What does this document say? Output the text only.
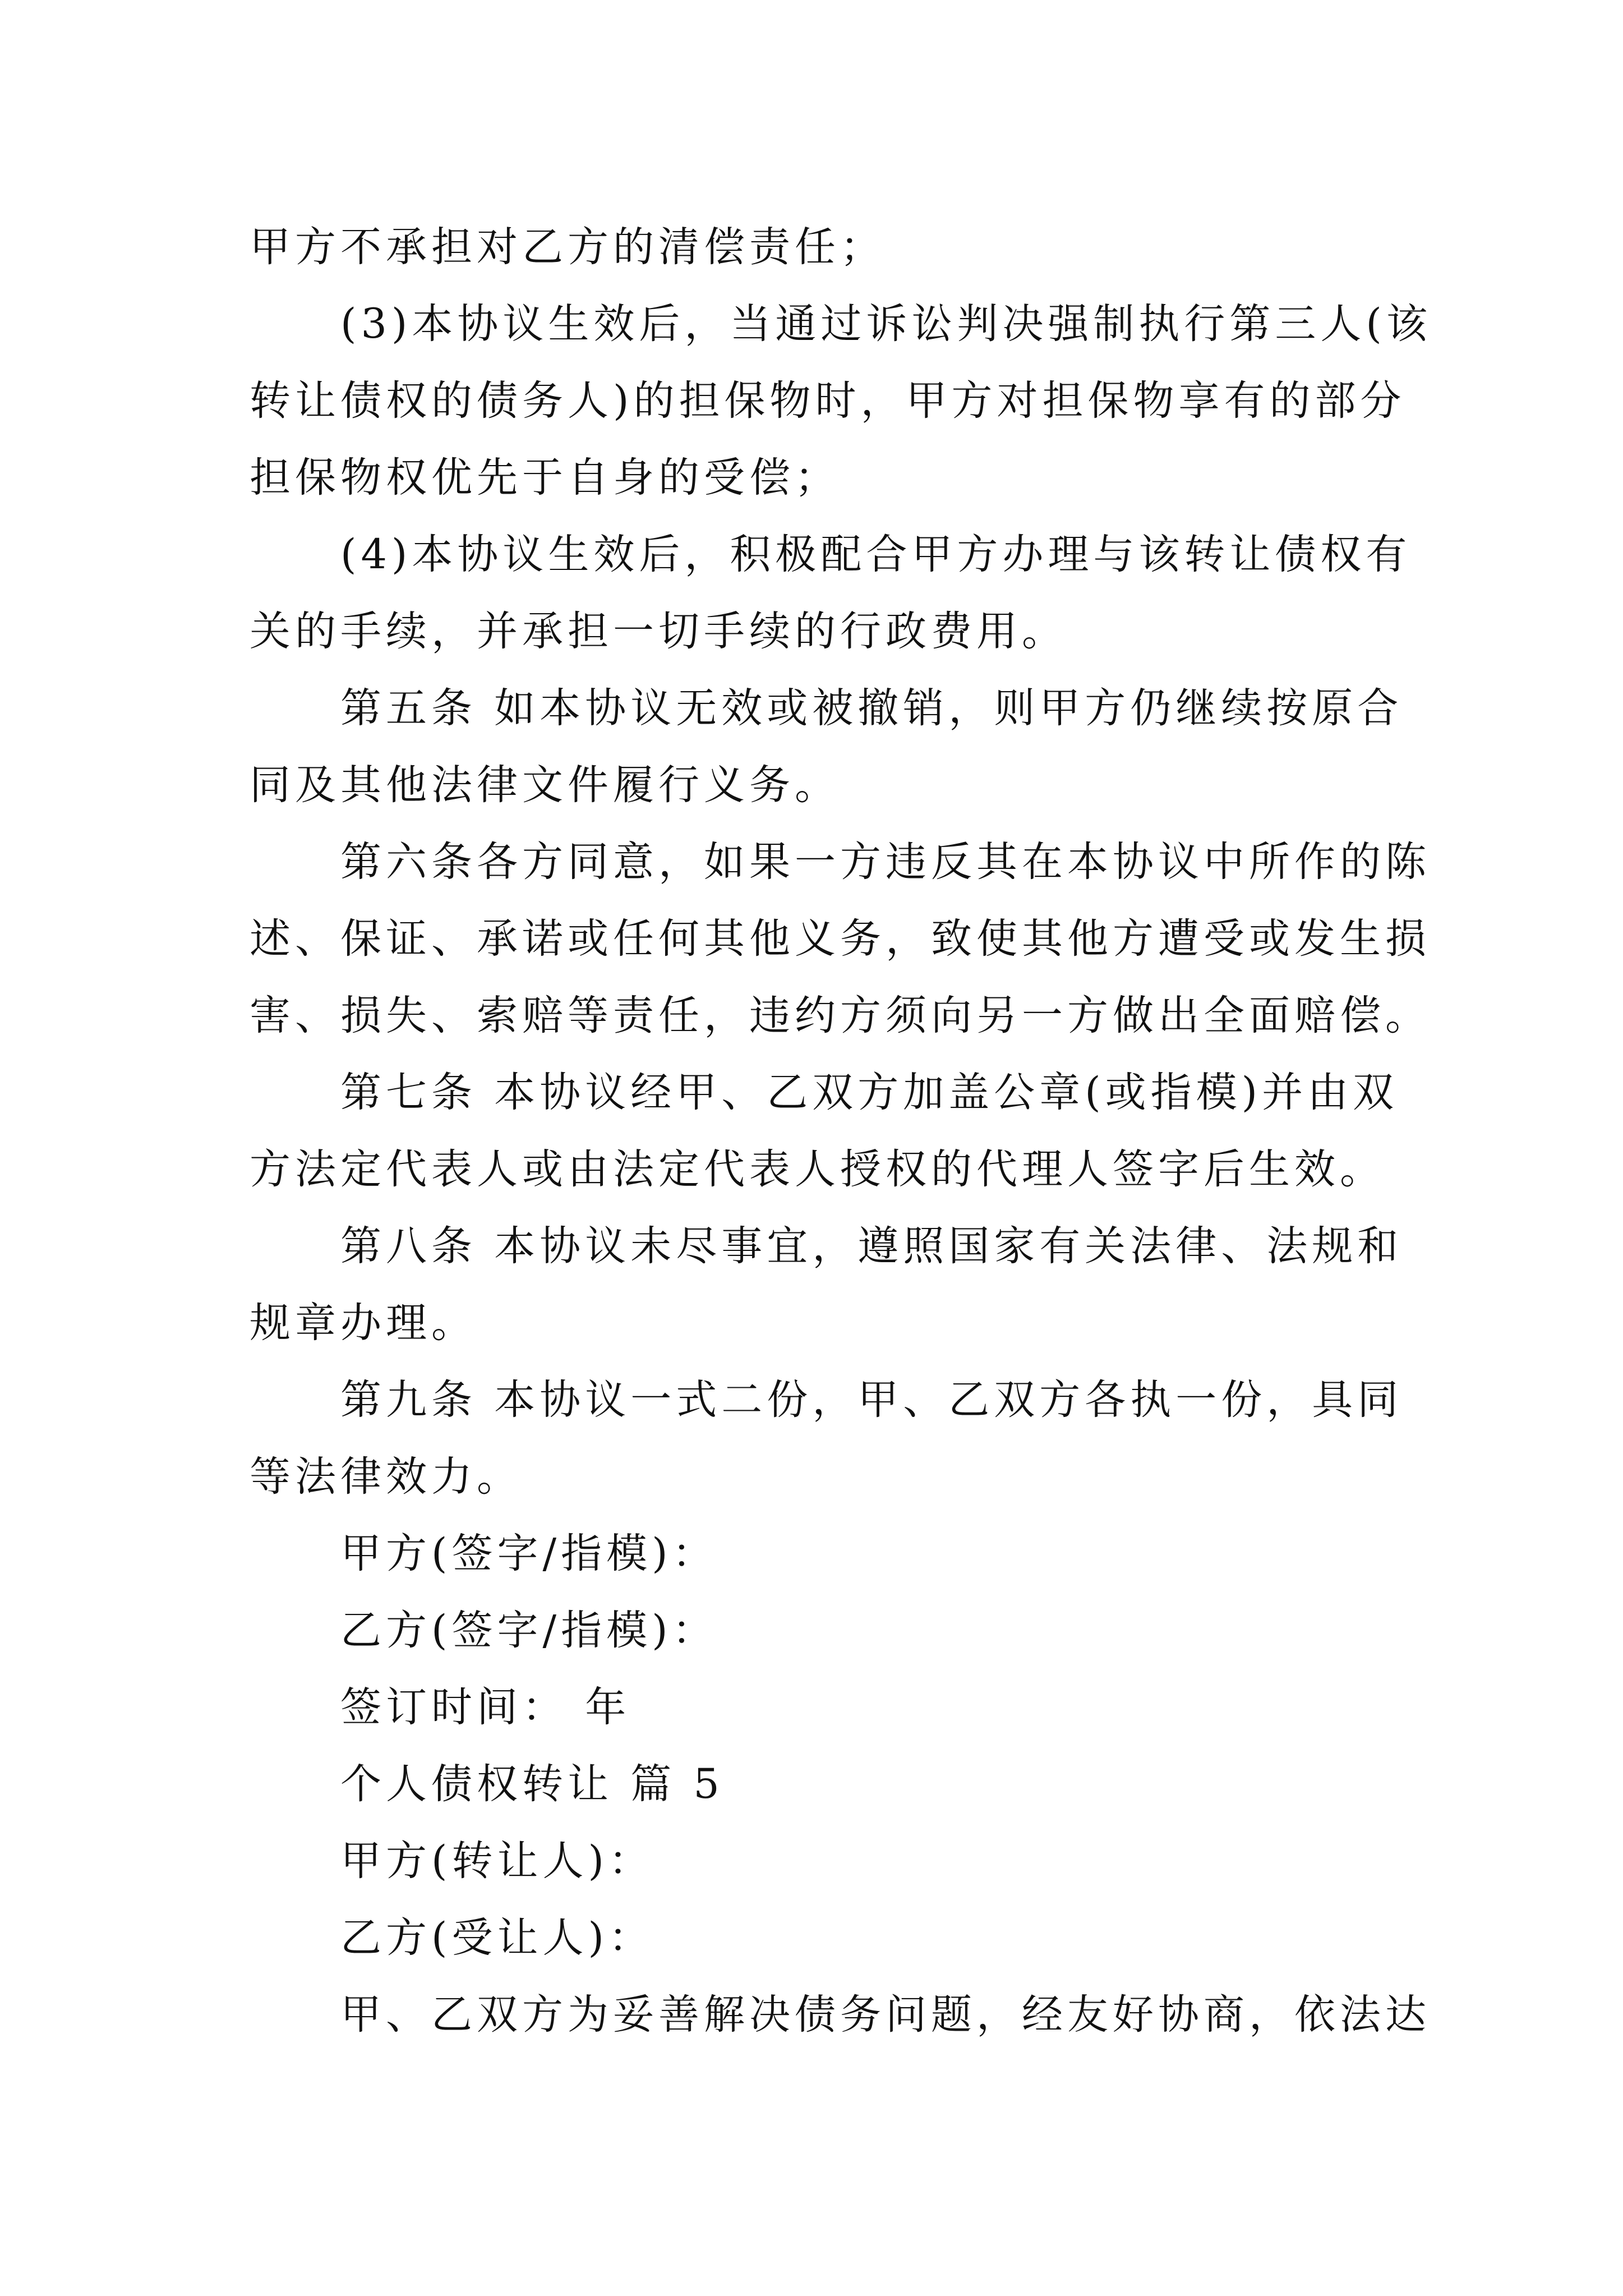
甲方不承担对乙方的清偿责任；
(3)本协议生效后，当通过诉讼判决强制执行第三人(该
转让债权的债务人)的担保物时，甲方对担保物享有的部分
担保物权优先于自身的受偿；
(4)本协议生效后，积极配合甲方办理与该转让债权有
关的手续，并承担一切手续的行政费用。
第五条 如本协议无效或被撤销，则甲方仍继续按原合
同及其他法律文件履行义务。
第六条各方同意，如果一方违反其在本协议中所作的陈
述、保证、承诺或任何其他义务，致使其他方遭受或发生损
害、损失、索赔等责任，违约方须向另一方做出全面赔偿。
第七条 本协议经甲、乙双方加盖公章(或指模)并由双
方法定代表人或由法定代表人授权的代理人签字后生效。
第八条 本协议未尽事宜，遵照国家有关法律、法规和
规章办理。
第九条 本协议一式二份，甲、乙双方各执一份，具同
等法律效力。
甲方(签字/指模)：
乙方(签字/指模)：
签订时间： 年
个人债权转让 篇 5
甲方(转让人)：
乙方(受让人)：
甲、乙双方为妥善解决债务问题，经友好协商，依法达
